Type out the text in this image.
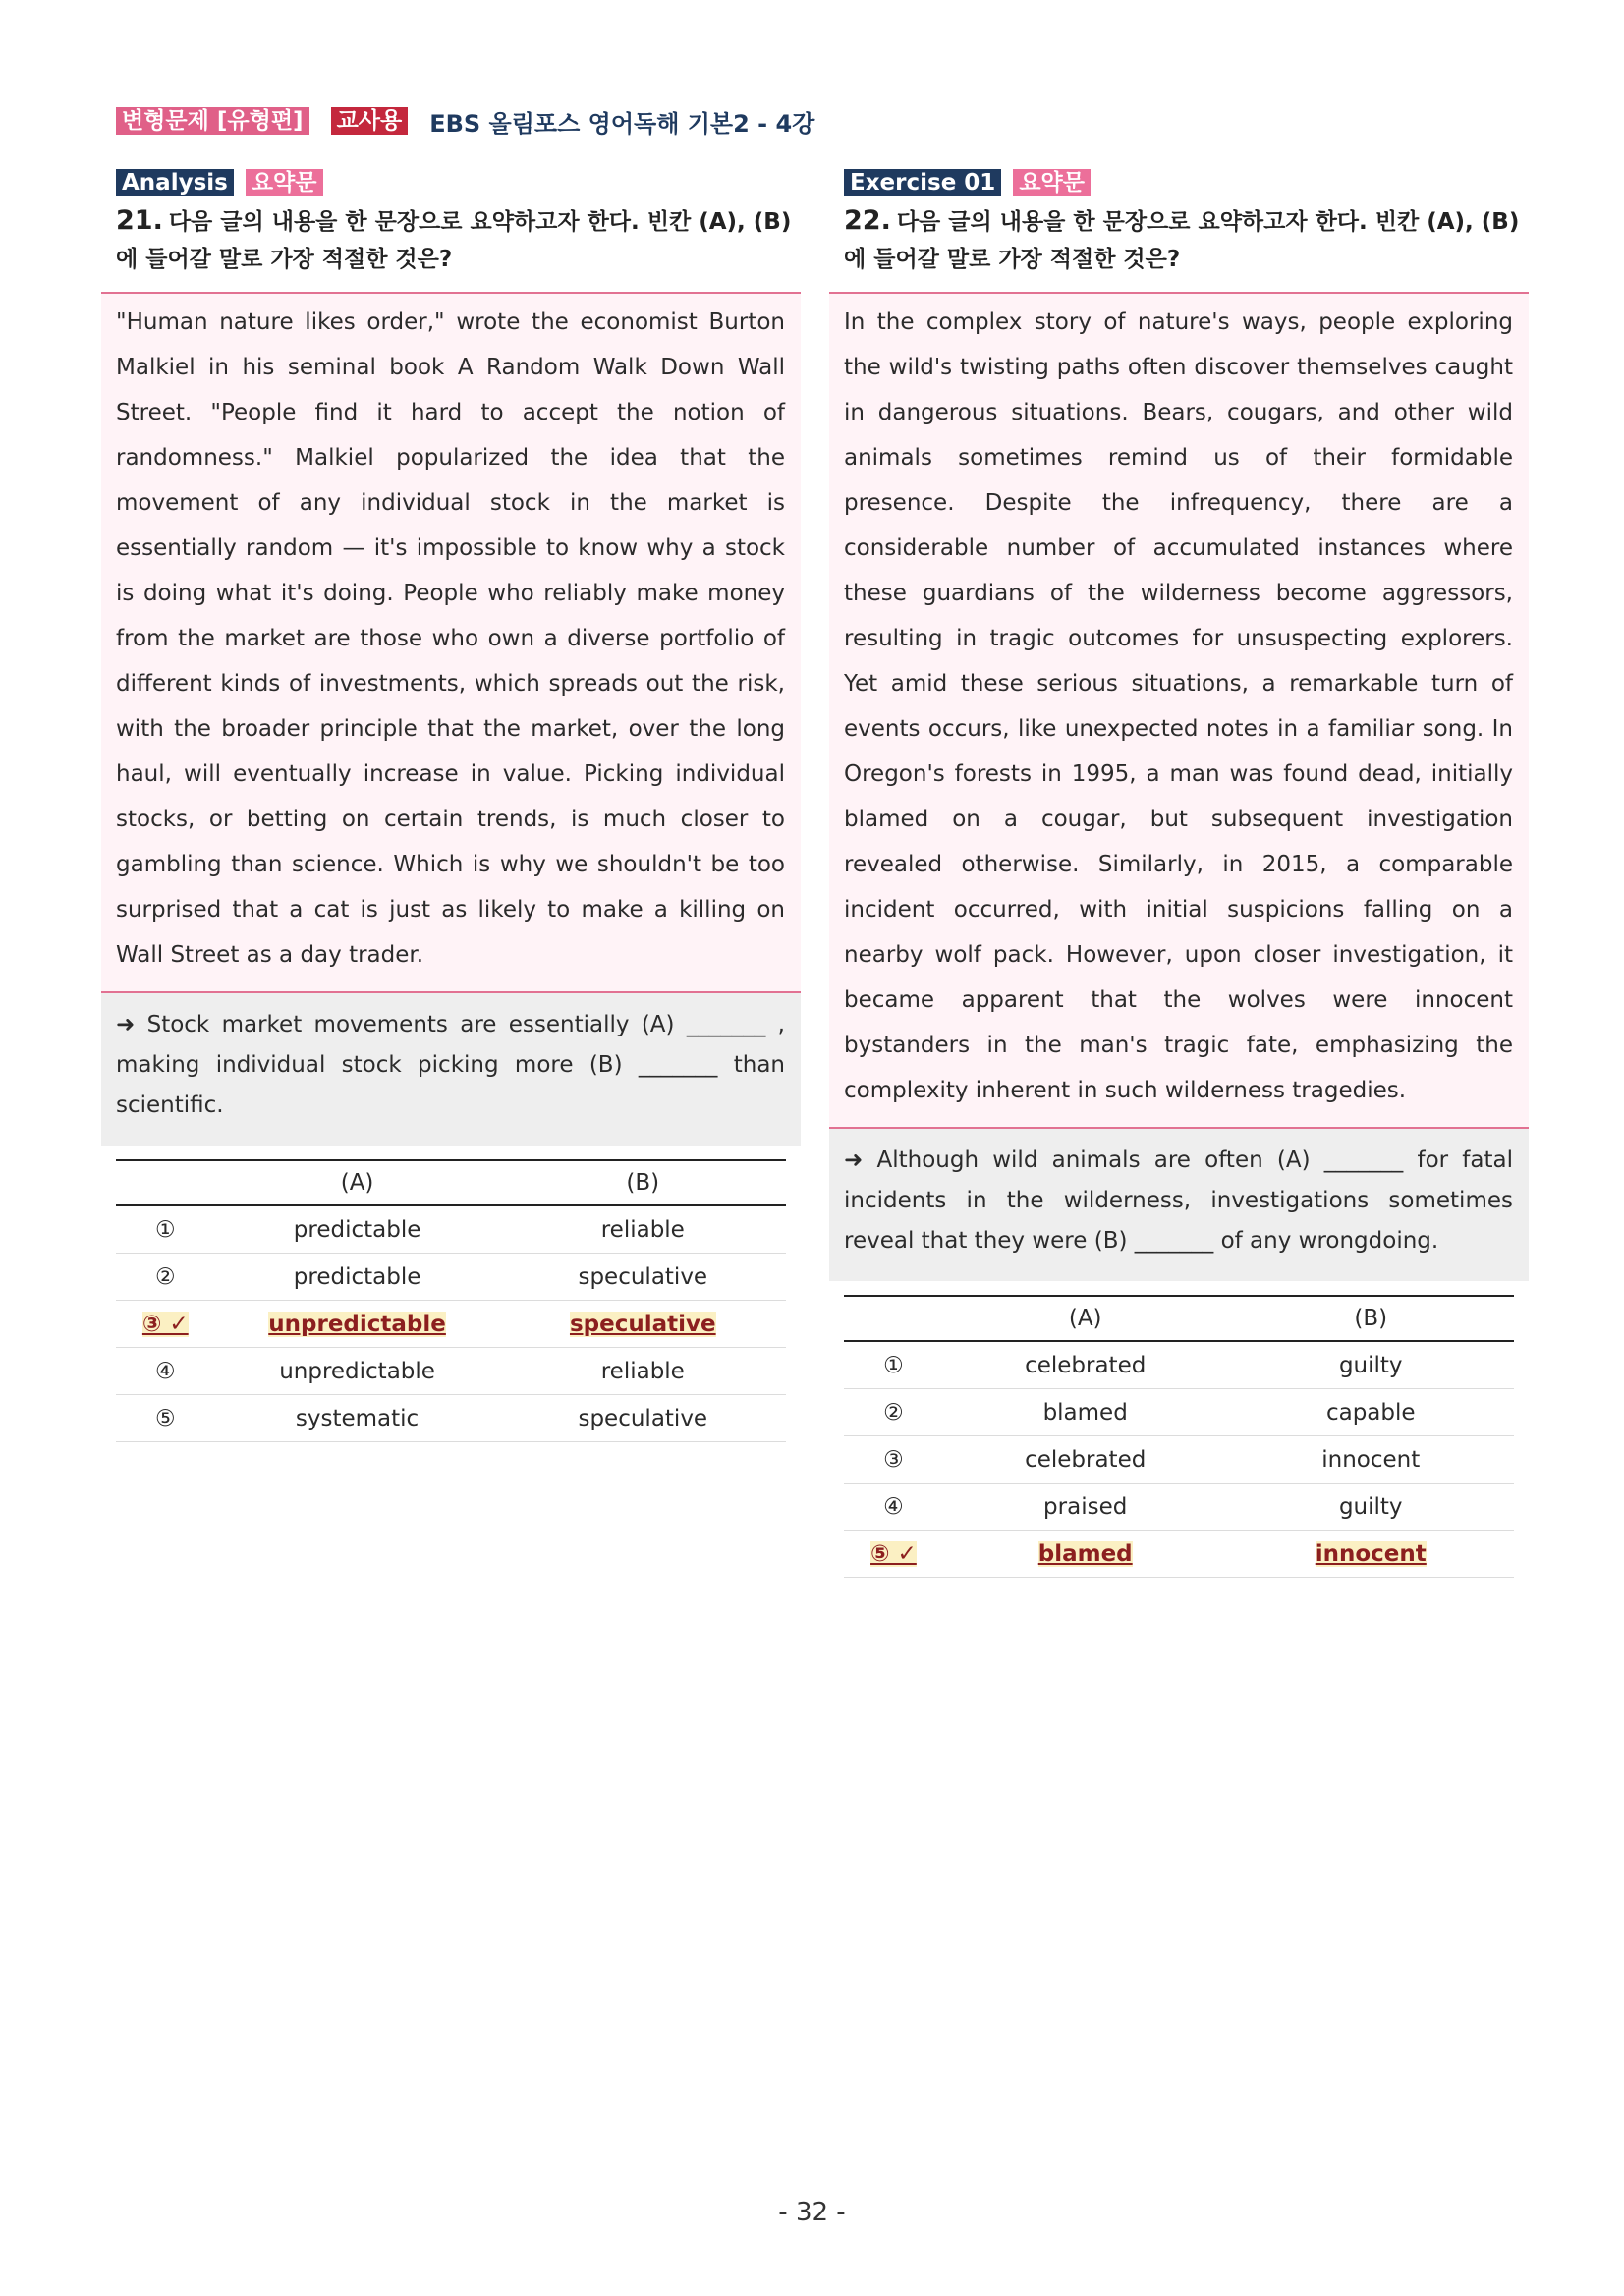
변형문제 [유형편] 교사용 EBS 올림포스 영어독해 기본2 - 4강
Analysis 요약문
21. 다음 글의 내용을 한 문장으로 요약하고자 한다. 빈칸 (A), (B)에 들어갈 말로 가장 적절한 것은?
"Human nature likes order," wrote the economist Burton Malkiel in his seminal book A Random Walk Down Wall Street. "People find it hard to accept the notion of randomness." Malkiel popularized the idea that the movement of any individual stock in the market is essentially random — it's impossible to know why a stock is doing what it's doing. People who reliably make money from the market are those who own a diverse portfolio of different kinds of investments, which spreads out the risk, with the broader principle that the market, over the long haul, will eventually increase in value. Picking individual stocks, or betting on certain trends, is much closer to gambling than science. Which is why we shouldn't be too surprised that a cat is just as likely to make a killing on Wall Street as a day trader.
➜ Stock market movements are essentially (A) _______ , making individual stock picking more (B) _______ than scientific.
	(A)	(B)
①	predictable	reliable
②	predictable	speculative
③ ✓	unpredictable	speculative
④	unpredictable	reliable
⑤	systematic	speculative
Exercise 01 요약문
22. 다음 글의 내용을 한 문장으로 요약하고자 한다. 빈칸 (A), (B)에 들어갈 말로 가장 적절한 것은?
In the complex story of nature's ways, people exploring the wild's twisting paths often discover themselves caught in dangerous situations. Bears, cougars, and other wild animals sometimes remind us of their formidable presence. Despite the infrequency, there are a considerable number of accumulated instances where these guardians of the wilderness become aggressors, resulting in tragic outcomes for unsuspecting explorers. Yet amid these serious situations, a remarkable turn of events occurs, like unexpected notes in a familiar song. In Oregon's forests in 1995, a man was found dead, initially blamed on a cougar, but subsequent investigation revealed otherwise. Similarly, in 2015, a comparable incident occurred, with initial suspicions falling on a nearby wolf pack. However, upon closer investigation, it became apparent that the wolves were innocent bystanders in the man's tragic fate, emphasizing the complexity inherent in such wilderness tragedies.
➜ Although wild animals are often (A) _______ for fatal incidents in the wilderness, investigations sometimes reveal that they were (B) _______ of any wrongdoing.
	(A)	(B)
①	celebrated	guilty
②	blamed	capable
③	celebrated	innocent
④	praised	guilty
⑤ ✓	blamed	innocent
- 32 -
